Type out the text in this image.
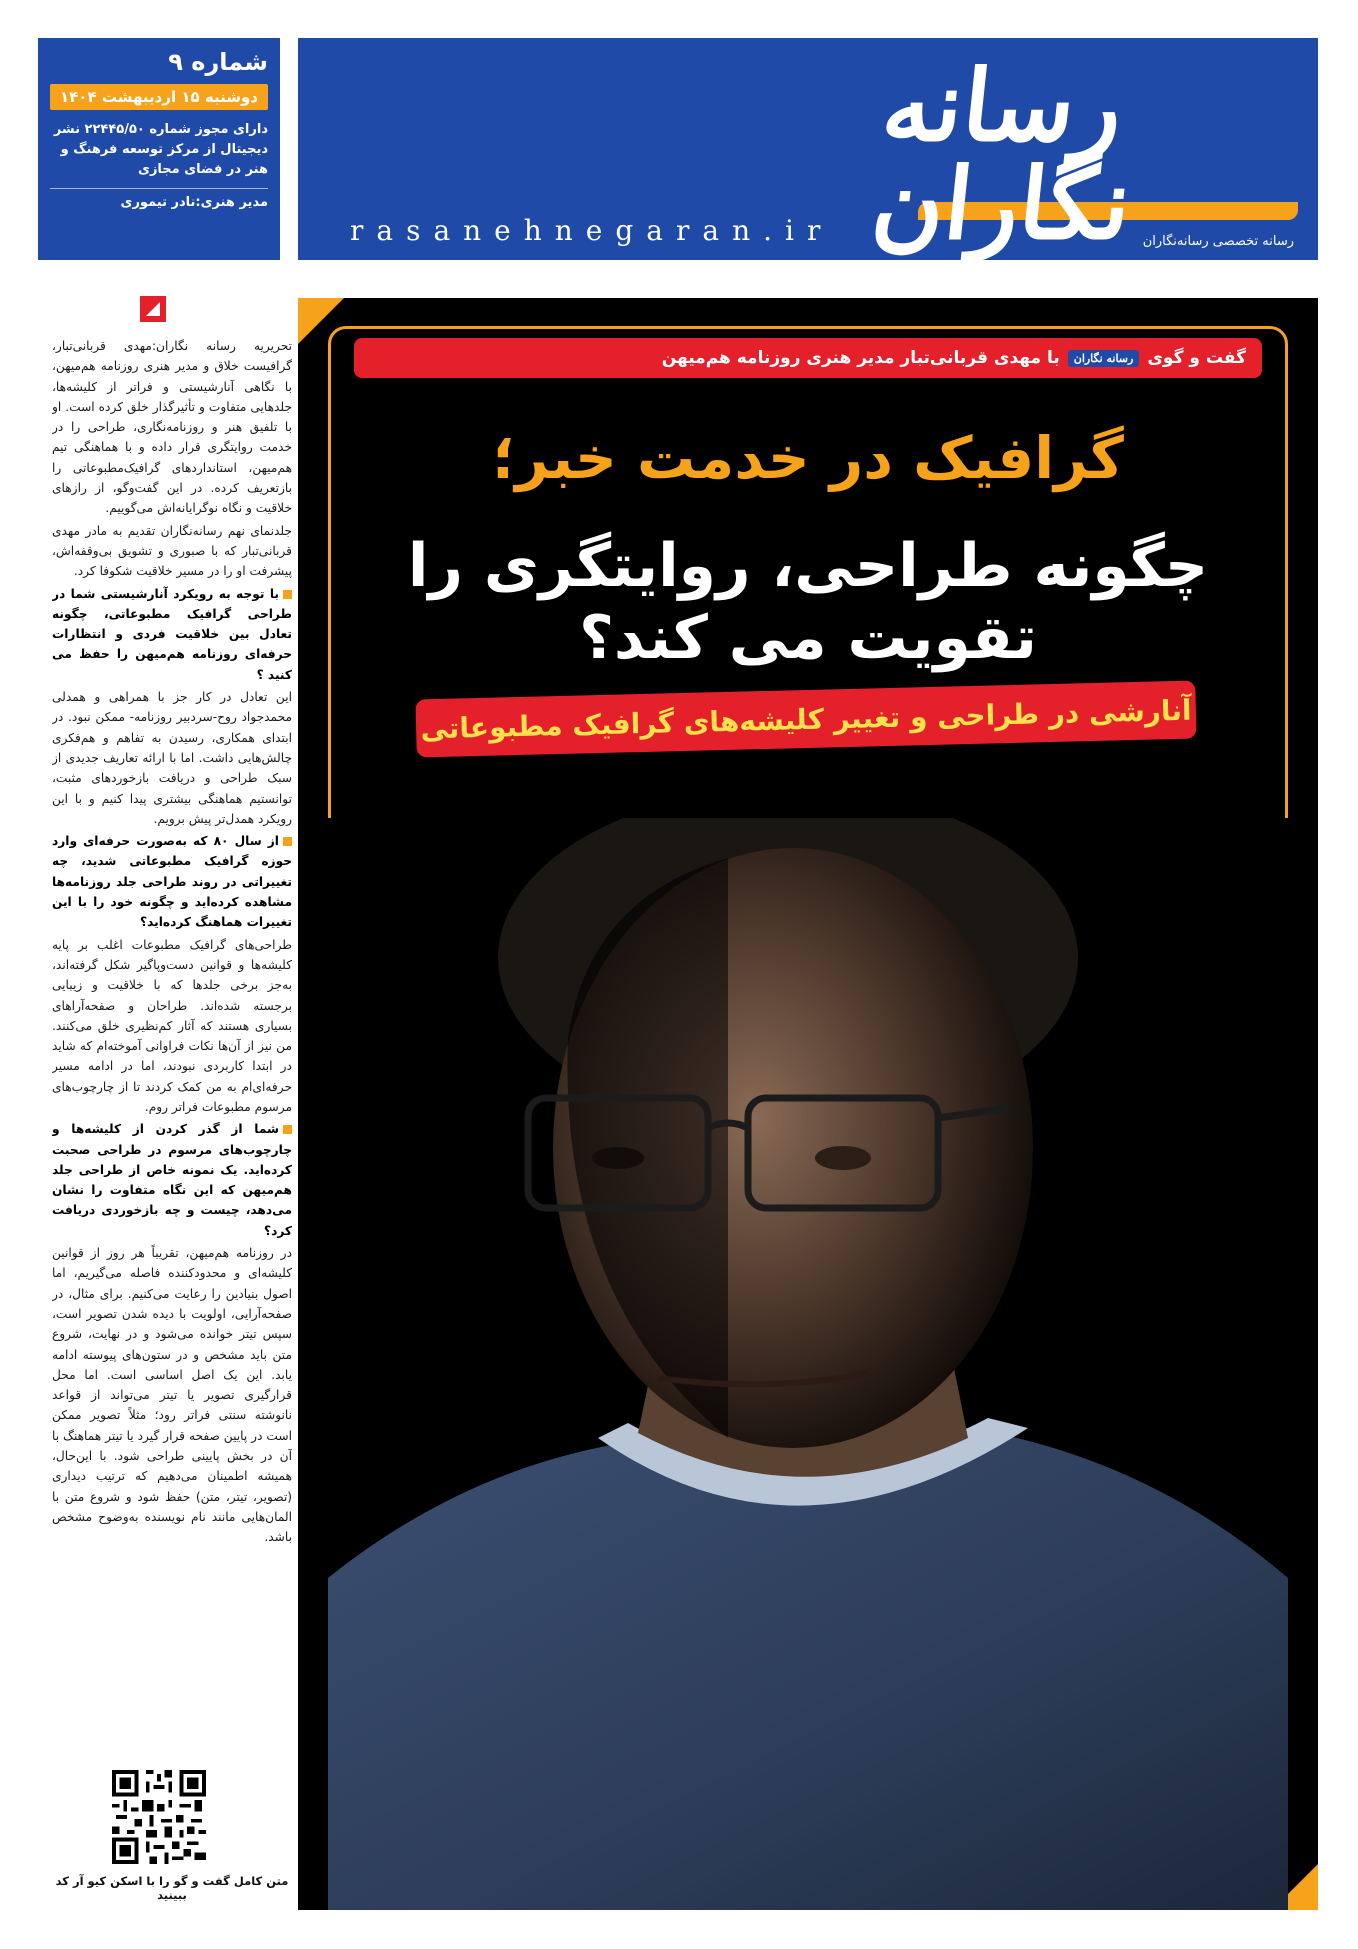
شماره ۹
دوشنبه ۱۵ اردیبهشت ۱۴۰۴
دارای مجوز شماره ۲۲۴۴۵/۵۰ نشر دیجیتال از مرکز توسعه فرهنگ و هنر در فضای مجازی
مدیر هنری:نادر تیموری
rasanehnegaran.ir
رسانه نگاران رسانه تخصصی رسانه‌نگاران

تحریریه رسانه نگاران:مهدی قربانی‌تبار، گرافیست خلاق و مدیر هنری روزنامه هم‌میهن، با نگاهی آنارشیستی و فراتر از کلیشه‌ها، جلدهایی متفاوت و تأثیرگذار خلق کرده است. او با تلفیق هنر و روزنامه‌نگاری، طراحی را در خدمت روایتگری قرار داده و با هماهنگی تیم هم‌میهن، استانداردهای گرافیک‌مطبوعاتی را بازتعریف کرده. در این گفت‌وگو، از رازهای خلاقیت و نگاه نوگرایانه‌اش می‌گوییم.

جلدنمای نهم رسانه‌نگاران تقدیم به مادر مهدی قربانی‌تبار که با صبوری و تشویق بی‌وقفه‌اش، پیشرفت او را در مسیر خلاقیت شکوفا کرد.

با توجه به رویکرد آنارشیستی شما در طراحی گرافیک مطبوعاتی، چگونه تعادل بین خلاقیت فردی و انتظارات حرفه‌ای روزنامه هم‌میهن را حفظ می کنید ؟

این تعادل در کار جز با همراهی و همدلی محمدجواد روح-سردبیر روزنامه- ممکن نبود. در ابتدای همکاری، رسیدن به تفاهم و هم‌فکری چالش‌هایی داشت. اما با ارائه تعاریف جدیدی از سبک طراحی و دریافت بازخوردهای مثبت، توانستیم هماهنگی بیشتری پیدا کنیم و با این رویکرد همدل‌تر پیش برویم.

از سال ۸۰ که به‌صورت حرفه‌ای وارد حوزه گرافیک مطبوعاتی شدید، چه تغییراتی در روند طراحی جلد روزنامه‌ها مشاهده کرده‌اید و چگونه خود را با این تغییرات هماهنگ کرده‌اید؟

طراحی‌های گرافیک مطبوعات اغلب بر پایه کلیشه‌ها و قوانین دست‌وپاگیر شکل گرفته‌اند، به‌جز برخی جلدها که با خلاقیت و زیبایی برجسته شده‌اند. طراحان و صفحه‌آراهای بسیاری هستند که آثار کم‌نظیری خلق می‌کنند. من نیز از آن‌ها نکات فراوانی آموخته‌ام که شاید در ابتدا کاربردی نبودند، اما در ادامه مسیر حرفه‌ای‌ام به من کمک کردند تا از چارچوب‌های مرسوم مطبوعات فراتر روم.

شما از گذر کردن از کلیشه‌ها و چارچوب‌های مرسوم در طراحی صحبت کرده‌اید. یک نمونه خاص از طراحی جلد هم‌میهن که این نگاه متفاوت را نشان می‌دهد، چیست و چه بازخوردی دریافت کرد؟

در روزنامه هم‌میهن، تقریباً هر روز از قوانین کلیشه‌ای و محدودکننده فاصله می‌گیریم، اما اصول بنیادین را رعایت می‌کنیم. برای مثال، در صفحه‌آرایی، اولویت با دیده شدن تصویر است، سپس تیتر خوانده می‌شود و در نهایت، شروع متن باید مشخص و در ستون‌های پیوسته ادامه یابد. این یک اصل اساسی است. اما محل قرارگیری تصویر یا تیتر می‌تواند از قواعد نانوشته سنتی فراتر رود؛ مثلاً تصویر ممکن است در پایین صفحه قرار گیرد یا تیتر هماهنگ با آن در بخش پایینی طراحی شود. با این‌حال، همیشه اطمینان می‌دهیم که ترتیب دیداری (تصویر، تیتر، متن) حفظ شود و شروع متن با المان‌هایی مانند نام نویسنده به‌وضوح مشخص باشد.

متن کامل گفت و گو را با اسکن کیو آر کد ببینید
گفت و گوی
رسانه نگاران
با مهدی قربانی‌تبار مدیر هنری روزنامه هم‌میهن
گرافیک در خدمت خبر؛
چگونه طراحی، روایتگری را تقویت می کند؟
آنارشی در طراحی و تغییر کلیشه‌های گرافیک مطبوعاتی
